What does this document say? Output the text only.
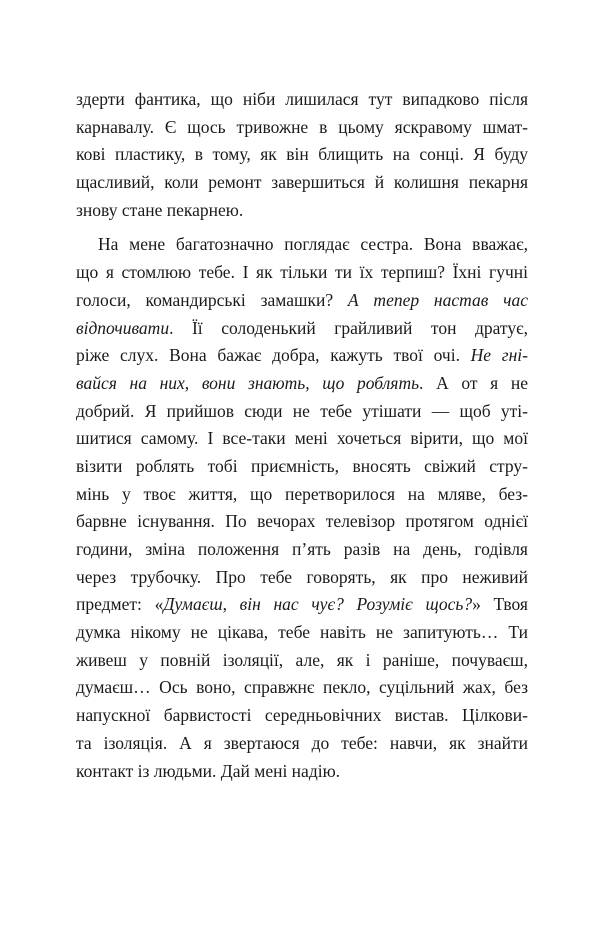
здерти фантика, що ніби лишилася тут випадково після
карнавалу. Є щось тривожне в цьому яскравому шмат-
кові пластику, в тому, як він блищить на сонці. Я буду
щасливий, коли ремонт завершиться й колишня пекарня
знову стане пекарнею.
На мене багатозначно поглядає сестра. Вона вважає,
що я стомлюю тебе. І як тільки ти їх терпиш? Їхні гучні
голоси, командирські замашки? А тепер настав час
відпочивати. Її солоденький грайливий тон дратує,
ріже слух. Вона бажає добра, кажуть твої очі. Не гні-
вайся на них, вони знають, що роблять. А от я не
добрий. Я прийшов сюди не тебе утішати — щоб уті-
шитися самому. І все-таки мені хочеться вірити, що мої
візити роблять тобі приємність, вносять свіжий стру-
мінь у твоє життя, що перетворилося на мляве, без-
барвне існування. По вечорах телевізор протягом однієї
години, зміна положення п’ять разів на день, годівля
через трубочку. Про тебе говорять, як про неживий
предмет: «Думаєш, він нас чує? Розуміє щось?» Твоя
думка нікому не цікава, тебе навіть не запитують… Ти
живеш у повній ізоляції, але, як і раніше, почуваєш,
думаєш… Ось воно, справжнє пекло, суцільний жах, без
напускної барвистості середньовічних вистав. Цілкови-
та ізоляція. А я звертаюся до тебе: навчи, як знайти
контакт із людьми. Дай мені надію.
